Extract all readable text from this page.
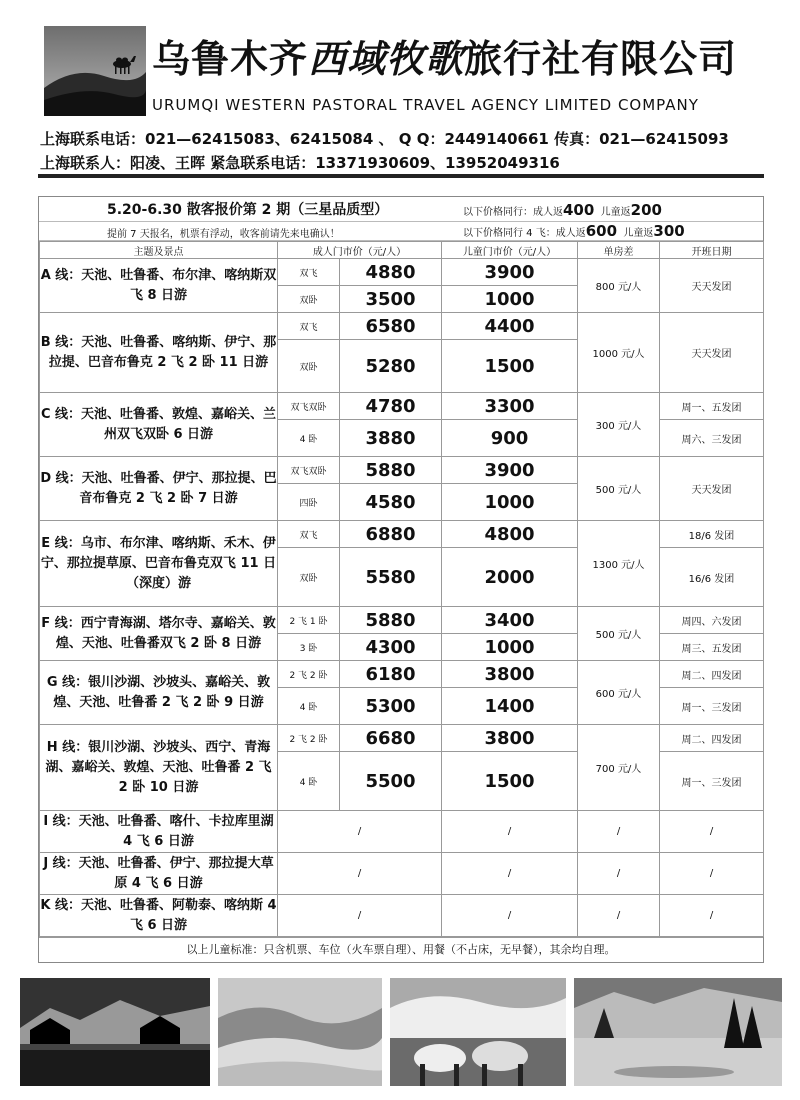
乌鲁木齐西域牧歌旅行社有限公司
URUMQI WESTERN PASTORAL TRAVEL AGENCY LIMITED COMPANY
上海联系电话：021—62415083、62415084 、 Q Q：2449140661 传真：021—62415093
上海联系人：阳凌、王晖 紧急联系电话：13371930609、13952049316
5.20-6.30 散客报价第 2 期（三星品质型）	以下价格同行：成人返400 儿童返200
提前 7 天报名，机票有浮动，收客前请先来电确认！	以下价格同行 4 飞：成人返600 儿童返300
主题及景点	成人门市价（元/人）		儿童门市价（元/人）	单房差	开班日期
A 线：天池、吐鲁番、布尔津、喀纳斯双飞 8 日游	双飞	4880	3900	800 元/人	天天发团
	双卧	3500	1000		
B 线：天池、吐鲁番、喀纳斯、伊宁、那拉提、巴音布鲁克 2 飞 2 卧 11 日游	双飞	6580	4400	1000 元/人	天天发团
	双卧	5280	1500		
C 线：天池、吐鲁番、敦煌、嘉峪关、兰州双飞双卧 6 日游	双飞双卧	4780	3300	300 元/人	周一、五发团
	4 卧	3880	900		周六、三发团
D 线：天池、吐鲁番、伊宁、那拉提、巴音布鲁克 2 飞 2 卧 7 日游	双飞双卧	5880	3900	500 元/人	天天发团
	四卧	4580	1000		
E 线：乌市、布尔津、喀纳斯、禾木、伊宁、那拉提草原、巴音布鲁克双飞 11 日（深度）游	双飞	6880	4800	1300 元/人	18/6 发团
	双卧	5580	2000		16/6 发团
F 线：西宁青海湖、塔尔寺、嘉峪关、敦煌、天池、吐鲁番双飞 2 卧 8 日游	2 飞 1 卧	5880	3400	500 元/人	周四、六发团
	3 卧	4300	1000		周三、五发团
G 线：银川沙湖、沙坡头、嘉峪关、敦煌、天池、吐鲁番 2 飞 2 卧 9 日游	2 飞 2 卧	6180	3800	600 元/人	周二、四发团
	4 卧	5300	1400		周一、三发团
H 线：银川沙湖、沙坡头、西宁、青海湖、嘉峪关、敦煌、天池、吐鲁番 2 飞 2 卧 10 日游	2 飞 2 卧	6680	3800	700 元/人	周二、四发团
	4 卧	5500	1500		周一、三发团
I 线：天池、吐鲁番、喀什、卡拉库里湖 4 飞 6 日游	/		/	/	/
J 线：天池、吐鲁番、伊宁、那拉提大草原 4 飞 6 日游	/		/	/	/
K 线：天池、吐鲁番、阿勒泰、喀纳斯 4 飞 6 日游	/		/	/	/
以上儿童标准：只含机票、车位（火车票自理）、用餐（不占床，无早餐），其余均自理。
